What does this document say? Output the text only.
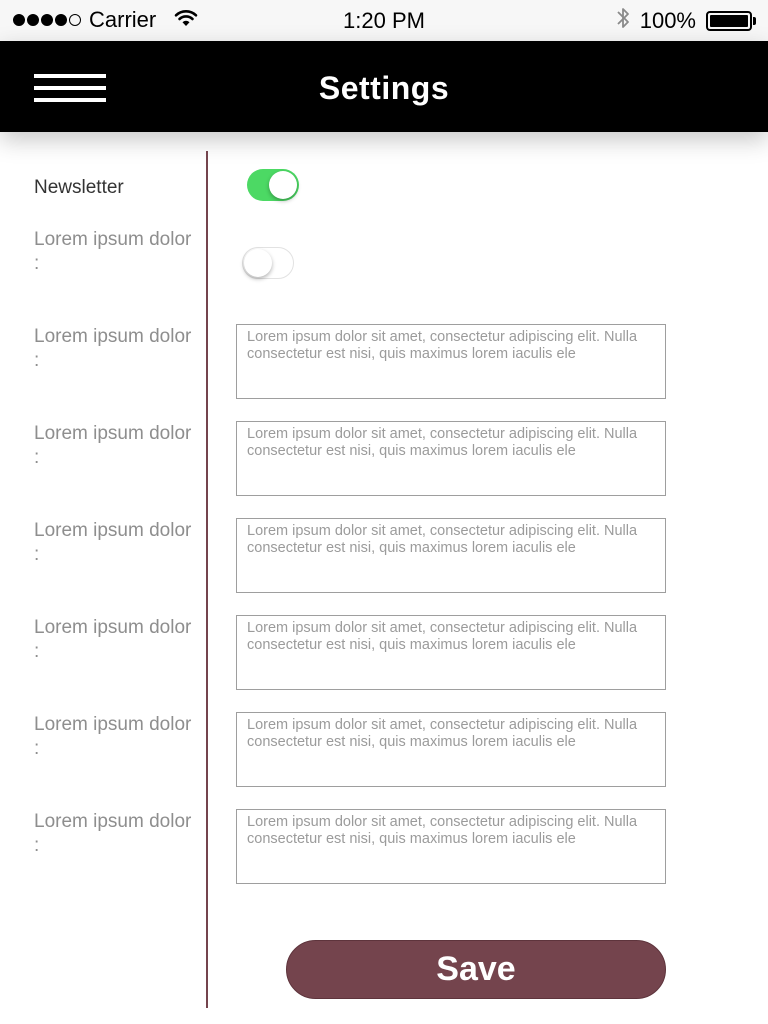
Carrier	1:20 PM	100%
Settings
Newsletter
Lorem ipsum dolor :
Lorem ipsum dolor :
Lorem ipsum dolor sit amet, consectetur adipiscing elit. Nulla consectetur est nisi, quis maximus lorem iaculis ele
Lorem ipsum dolor :
Lorem ipsum dolor sit amet, consectetur adipiscing elit. Nulla consectetur est nisi, quis maximus lorem iaculis ele
Lorem ipsum dolor :
Lorem ipsum dolor sit amet, consectetur adipiscing elit. Nulla consectetur est nisi, quis maximus lorem iaculis ele
Lorem ipsum dolor :
Lorem ipsum dolor sit amet, consectetur adipiscing elit. Nulla consectetur est nisi, quis maximus lorem iaculis ele
Lorem ipsum dolor :
Lorem ipsum dolor sit amet, consectetur adipiscing elit. Nulla consectetur est nisi, quis maximus lorem iaculis ele
Lorem ipsum dolor :
Lorem ipsum dolor sit amet, consectetur adipiscing elit. Nulla consectetur est nisi, quis maximus lorem iaculis ele
Save
